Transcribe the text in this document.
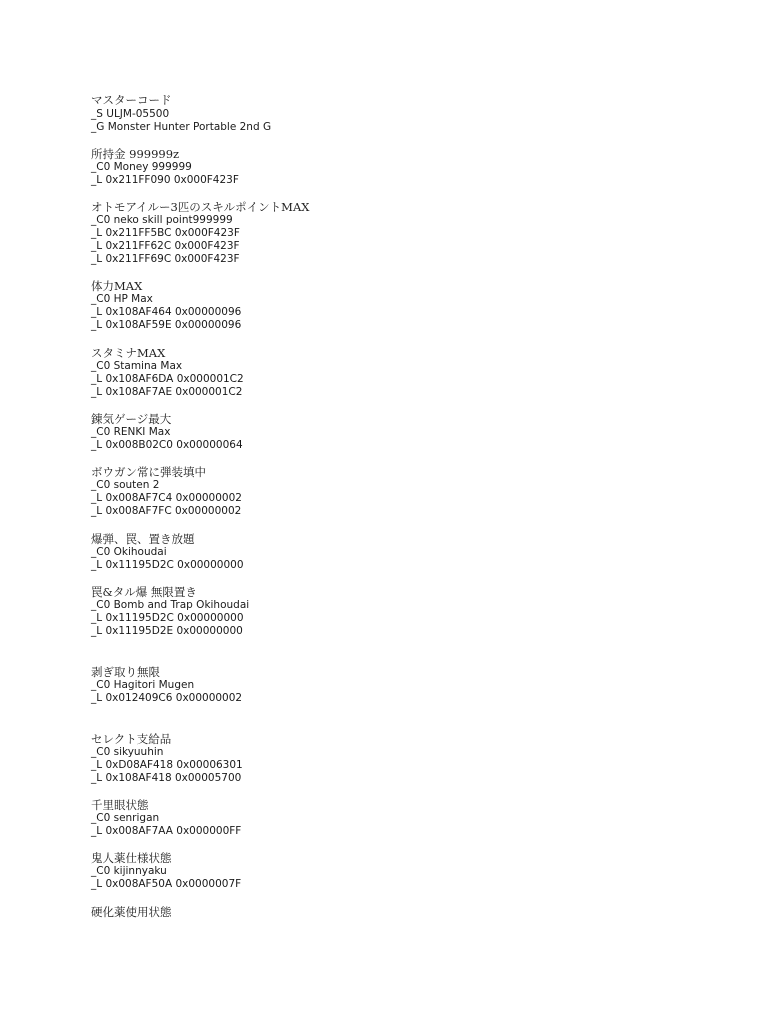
マスターコード
_S ULJM-05500
_G Monster Hunter Portable 2nd G
所持金 999999z
_C0 Money 999999
_L 0x211FF090 0x000F423F
オトモアイルー3匹のスキルポイントMAX
_C0 neko skill point999999
_L 0x211FF5BC 0x000F423F
_L 0x211FF62C 0x000F423F
_L 0x211FF69C 0x000F423F
体力MAX
_C0 HP Max
_L 0x108AF464 0x00000096
_L 0x108AF59E 0x00000096
スタミナMAX
_C0 Stamina Max
_L 0x108AF6DA 0x000001C2
_L 0x108AF7AE 0x000001C2
錬気ゲージ最大
_C0 RENKI Max
_L 0x008B02C0 0x00000064
ボウガン常に弾装填中
_C0 souten 2
_L 0x008AF7C4 0x00000002
_L 0x008AF7FC 0x00000002
爆弾、罠、置き放題
_C0 Okihoudai
_L 0x11195D2C 0x00000000
罠&タル爆 無限置き
_C0 Bomb and Trap Okihoudai
_L 0x11195D2C 0x00000000
_L 0x11195D2E 0x00000000
剥ぎ取り無限
_C0 Hagitori Mugen
_L 0x012409C6 0x00000002
セレクト支給品
_C0 sikyuuhin
_L 0xD08AF418 0x00006301
_L 0x108AF418 0x00005700
千里眼状態
_C0 senrigan
_L 0x008AF7AA 0x000000FF
鬼人薬仕様状態
_C0 kijinnyaku
_L 0x008AF50A 0x0000007F
硬化薬使用状態
